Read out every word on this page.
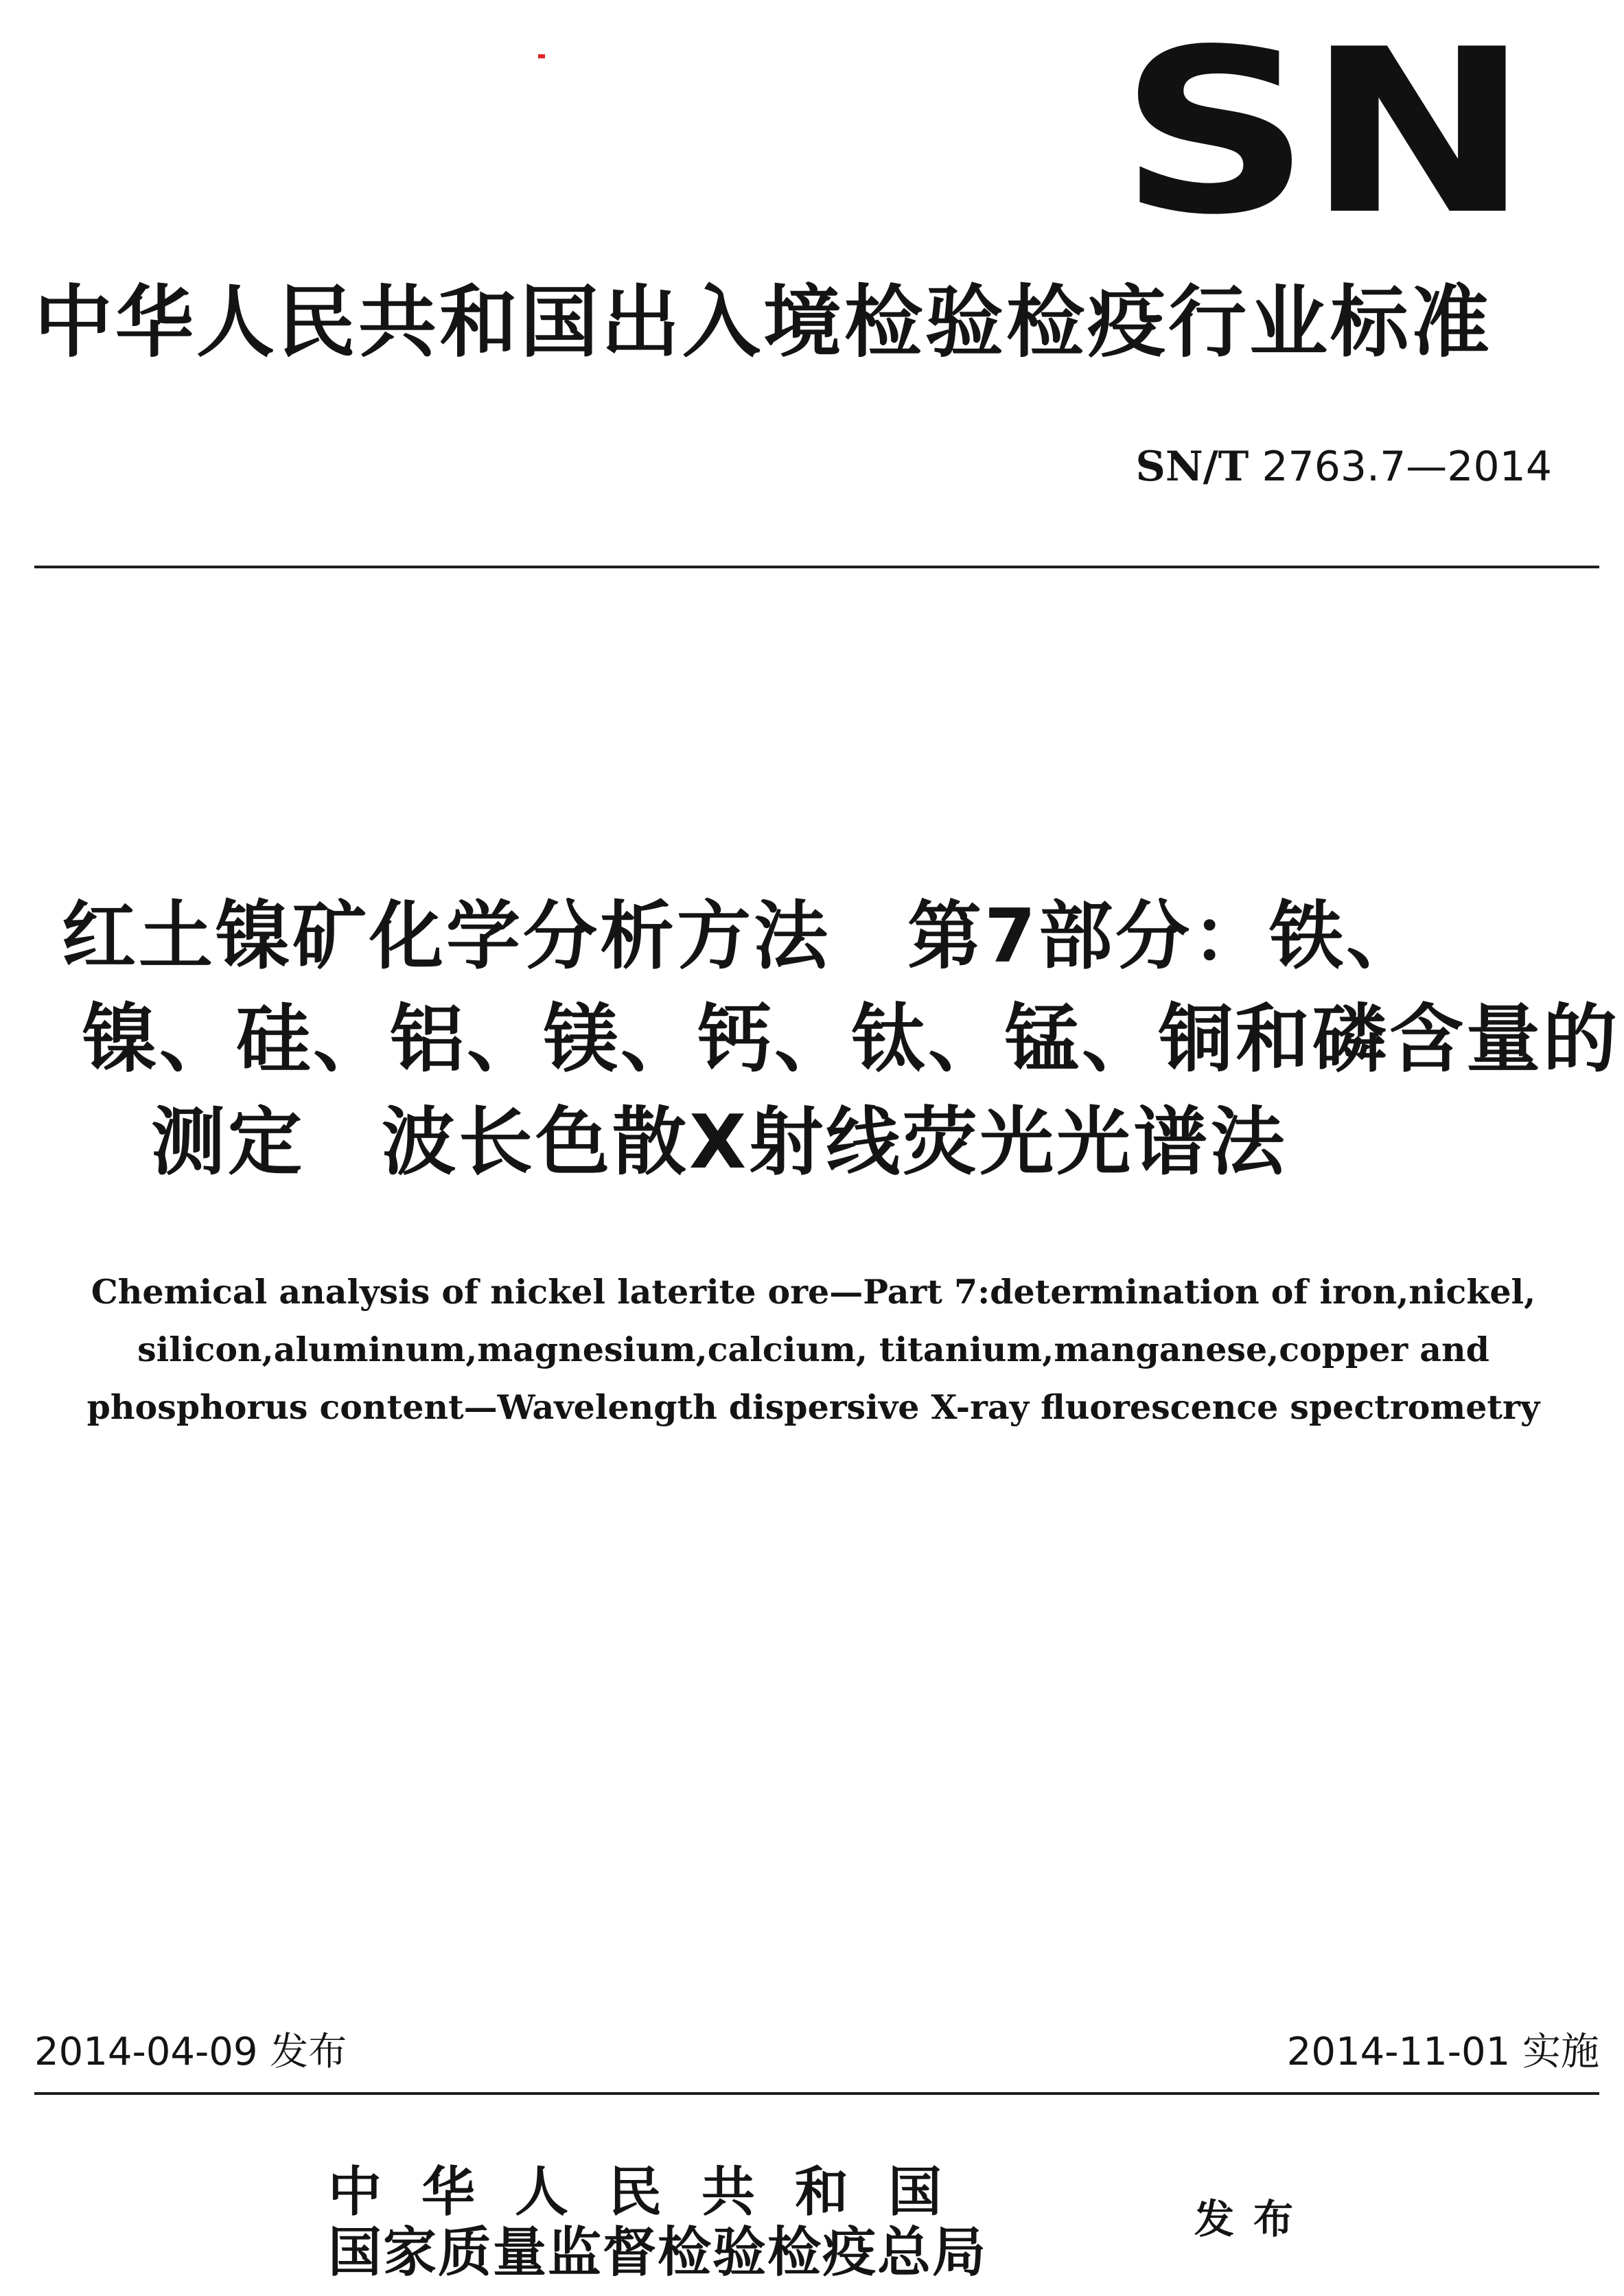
SN
中华人民共和国出入境检验检疫行业标准
SN/T 2763.7—2014
红土镍矿化学分析方法　第7部分：铁、
镍、硅、铝、镁、钙、钛、锰、铜和磷含量的
测定　波长色散X射线荧光光谱法
Chemical analysis of nickel laterite ore—Part 7:determination of iron,nickel,
silicon,aluminum,magnesium,calcium, titanium,manganese,copper and
phosphorus content—Wavelength dispersive X-ray fluorescence spectrometry
2014-04-09 发布	2014-11-01 实施
中华人民共和国
国家质量监督检验检疫总局
发布
